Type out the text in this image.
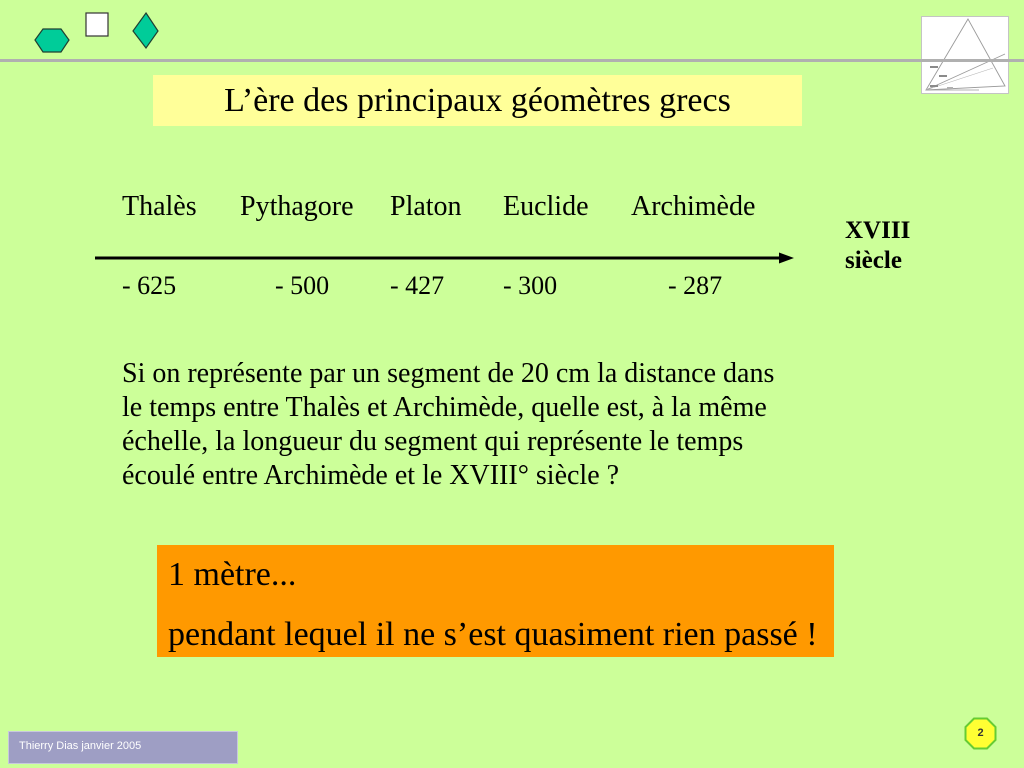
L’ère des principaux géomètres grecs
Thalès Pythagore Platon Euclide Archimède
XVIII
siècle
- 625	- 500 - 427 - 300	- 287
Si on représente par un segment de 20 cm la distance dans
le temps entre Thalès et Archimède, quelle est, à la même
échelle, la longueur du segment qui représente le temps
écoulé entre Archimède et le XVIII° siècle ?
1 mètre...
pendant lequel il ne s’est quasiment rien passé !
Thierry Dias janvier 2005
2
